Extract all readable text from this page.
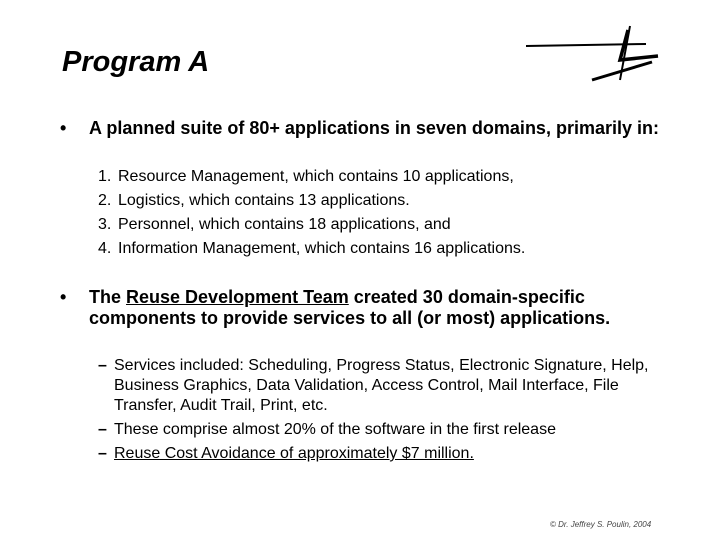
Program A
• A planned suite of 80+ applications in seven domains, primarily in:
1. Resource Management, which contains 10 applications,
2. Logistics, which contains 13 applications.
3. Personnel, which contains 18 applications, and
4. Information Management, which contains 16 applications.
• The Reuse Development Team created 30 domain-specific components to provide services to all (or most) applications.
– Services included: Scheduling, Progress Status, Electronic Signature, Help, Business Graphics, Data Validation, Access Control, Mail Interface, File Transfer, Audit Trail, Print, etc.
– These comprise almost 20% of the software in the first release
– Reuse Cost Avoidance of approximately $7 million.
© Dr. Jeffrey S. Poulin, 2004
